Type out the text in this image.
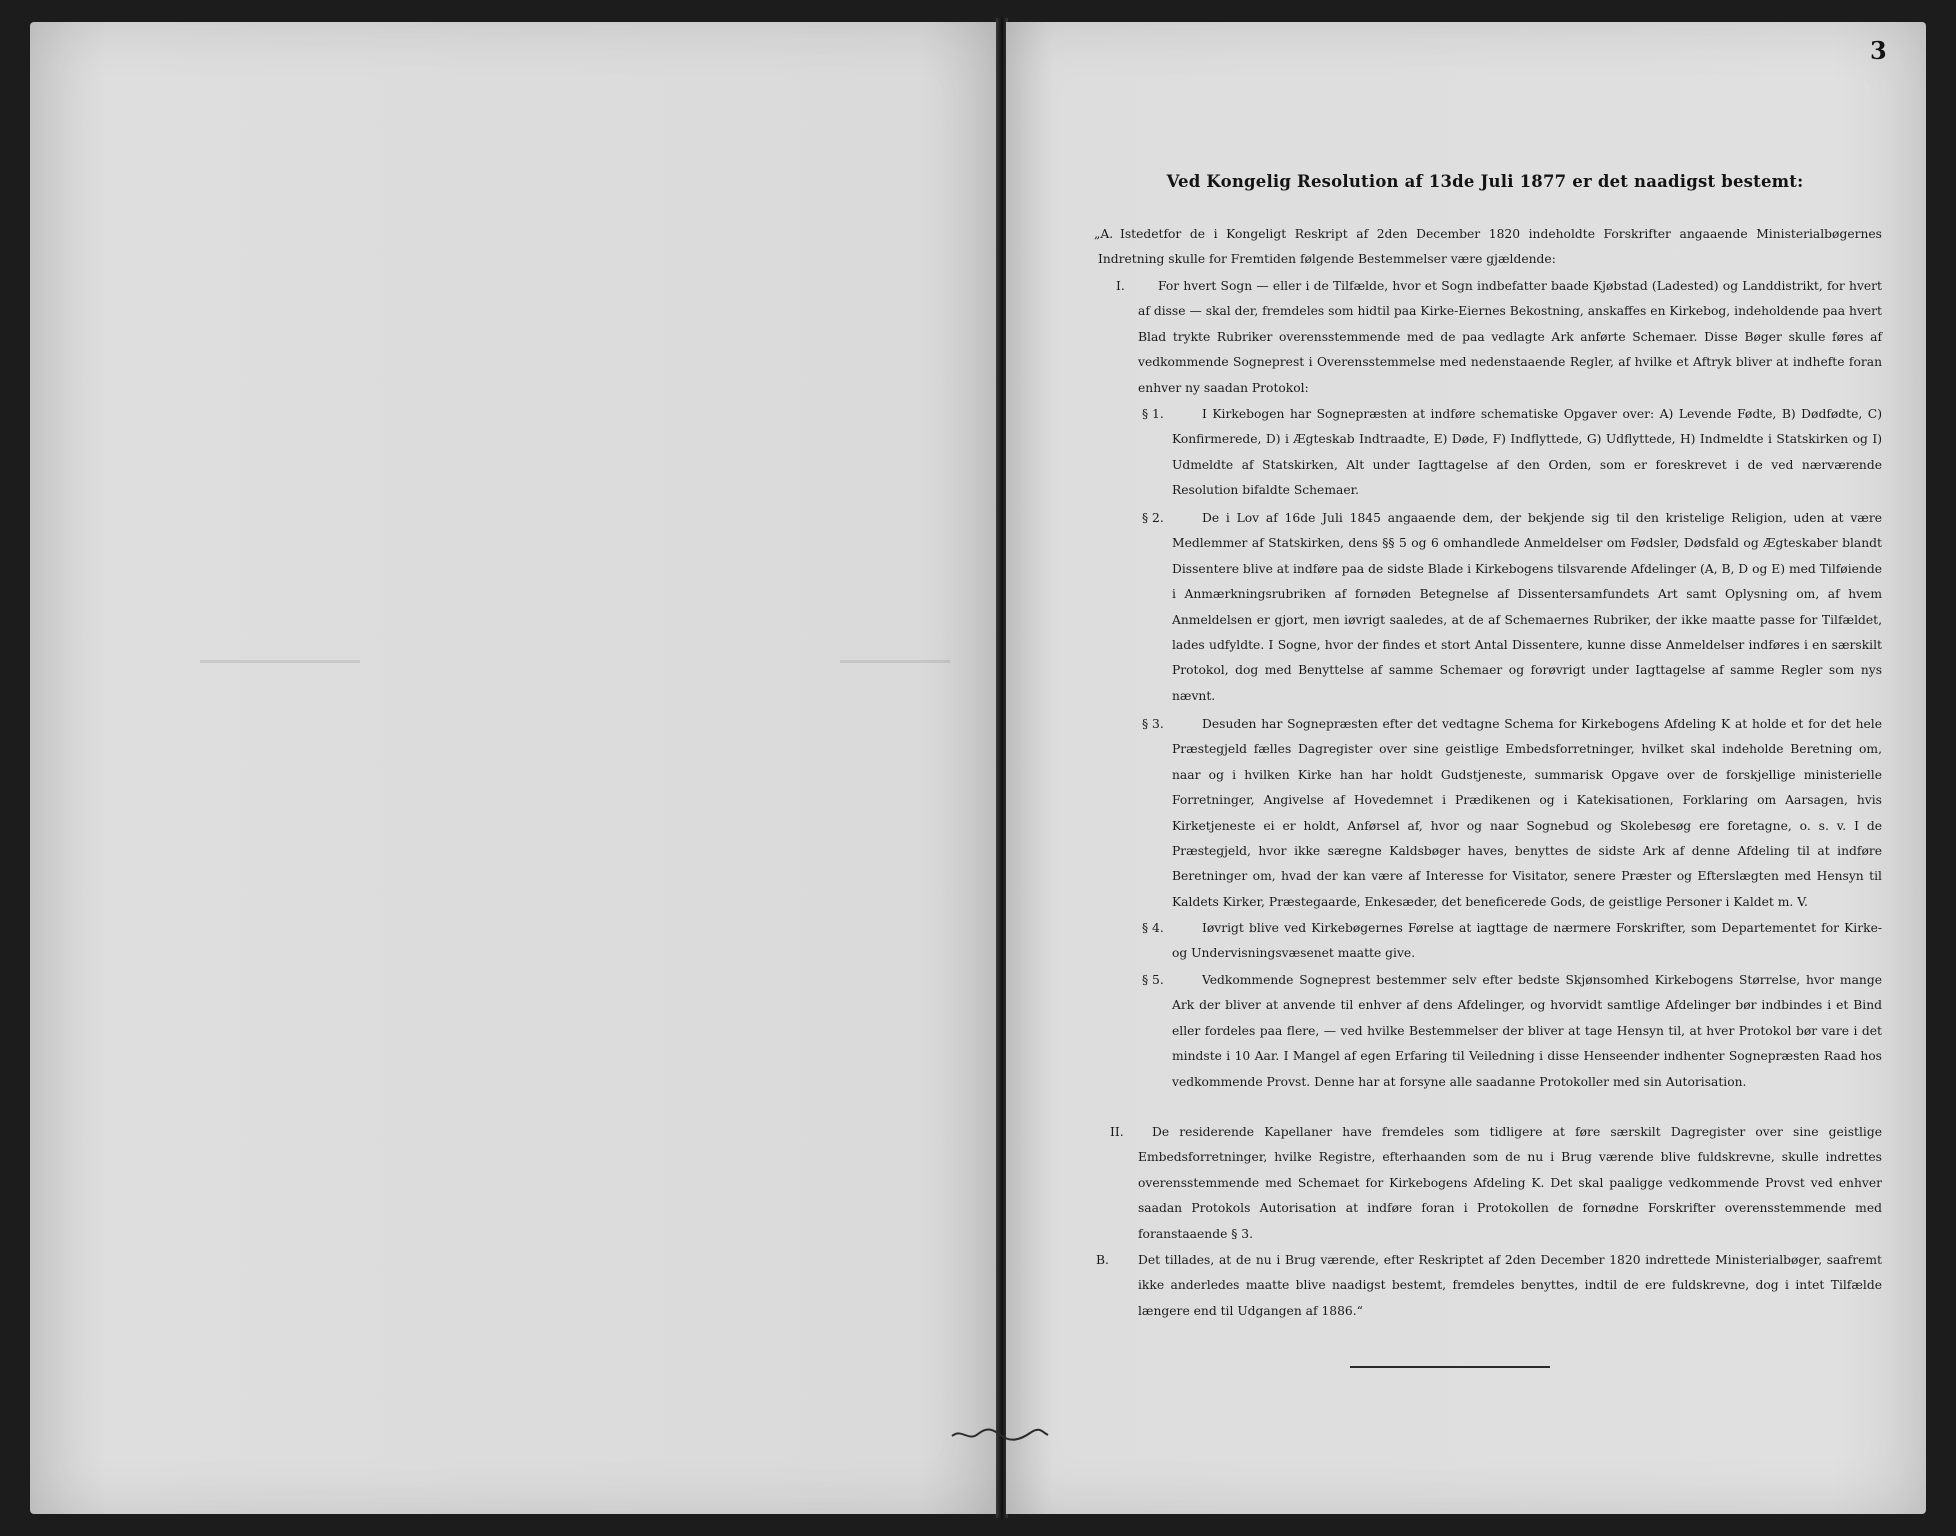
3
Ved Kongelig Resolution af 13de Juli 1877 er det naadigst bestemt:
„A. Istedetfor de i Kongeligt Reskript af 2den December 1820 indeholdte Forskrifter angaaende Ministerialbøgernes Indretning skulle for Fremtiden følgende Bestemmelser være gjældende:
I.	For hvert Sogn — eller i de Tilfælde, hvor et Sogn indbefatter baade Kjøbstad (Ladested) og Landdistrikt, for hvert af disse — skal der, fremdeles som hidtil paa Kirke-Eiernes Bekostning, anskaffes en Kirkebog, indeholdende paa hvert Blad trykte Rubriker overensstemmende med de paa vedlagte Ark anførte Schemaer. Disse Bøger skulle føres af vedkommende Sogneprest i Overensstemmelse med nedenstaaende Regler, af hvilke et Aftryk bliver at indhefte foran enhver ny saadan Protokol:
§ 1.	I Kirkebogen har Sognepræsten at indføre schematiske Opgaver over: A) Levende Fødte, B) Dødfødte, C) Konfirmerede, D) i Ægteskab Indtraadte, E) Døde, F) Indflyttede, G) Udflyttede, H) Indmeldte i Statskirken og I) Udmeldte af Statskirken, Alt under Iagttagelse af den Orden, som er foreskrevet i de ved nærværende Resolution bifaldte Schemaer.
§ 2.	De i Lov af 16de Juli 1845 angaaende dem, der bekjende sig til den kristelige Religion, uden at være Medlemmer af Statskirken, dens §§ 5 og 6 omhandlede Anmeldelser om Fødsler, Dødsfald og Ægteskaber blandt Dissentere blive at indføre paa de sidste Blade i Kirkebogens tilsvarende Afdelinger (A, B, D og E) med Tilføiende i Anmærkningsrubriken af fornøden Betegnelse af Dissentersamfundets Art samt Oplysning om, af hvem Anmeldelsen er gjort, men iøvrigt saaledes, at de af Schemaernes Rubriker, der ikke maatte passe for Tilfældet, lades udfyldte. I Sogne, hvor der findes et stort Antal Dissentere, kunne disse Anmeldelser indføres i en særskilt Protokol, dog med Benyttelse af samme Schemaer og forøvrigt under Iagttagelse af samme Regler som nys nævnt.
§ 3.	Desuden har Sognepræsten efter det vedtagne Schema for Kirkebogens Afdeling K at holde et for det hele Præstegjeld fælles Dagregister over sine geistlige Embedsforretninger, hvilket skal indeholde Beretning om, naar og i hvilken Kirke han har holdt Gudstjeneste, summarisk Opgave over de forskjellige ministerielle Forretninger, Angivelse af Hovedemnet i Prædikenen og i Katekisationen, Forklaring om Aarsagen, hvis Kirketjeneste ei er holdt, Anførsel af, hvor og naar Sognebud og Skolebesøg ere foretagne, o. s. v. I de Præstegjeld, hvor ikke særegne Kaldsbøger haves, benyttes de sidste Ark af denne Afdeling til at indføre Beretninger om, hvad der kan være af Interesse for Visitator, senere Præster og Efterslægten med Hensyn til Kaldets Kirker, Præstegaarde, Enkesæder, det beneficerede Gods, de geistlige Personer i Kaldet m. V.
§ 4.	Iøvrigt blive ved Kirkebøgernes Førelse at iagttage de nærmere Forskrifter, som Departementet for Kirke- og Undervisningsvæsenet maatte give.
§ 5.	Vedkommende Sogneprest bestemmer selv efter bedste Skjønsomhed Kirkebogens Størrelse, hvor mange Ark der bliver at anvende til enhver af dens Afdelinger, og hvorvidt samtlige Afdelinger bør indbindes i et Bind eller fordeles paa flere, — ved hvilke Bestemmelser der bliver at tage Hensyn til, at hver Protokol bør vare i det mindste i 10 Aar. I Mangel af egen Erfaring til Veiledning i disse Henseender indhenter Sognepræsten Raad hos vedkommende Provst. Denne har at forsyne alle saadanne Protokoller med sin Autorisation.
II. De residerende Kapellaner have fremdeles som tidligere at føre særskilt Dagregister over sine geistlige Embedsforretninger, hvilke Registre, efterhaanden som de nu i Brug værende blive fuldskrevne, skulle indrettes overensstemmende med Schemaet for Kirkebogens Afdeling K. Det skal paaligge vedkommende Provst ved enhver saadan Protokols Autorisation at indføre foran i Protokollen de fornødne Forskrifter overensstemmende med foranstaaende § 3.
B. Det tillades, at de nu i Brug værende, efter Reskriptet af 2den December 1820 indrettede Ministerialbøger, saafremt ikke anderledes maatte blive naadigst bestemt, fremdeles benyttes, indtil de ere fuldskrevne, dog i intet Tilfælde længere end til Udgangen af 1886.“
